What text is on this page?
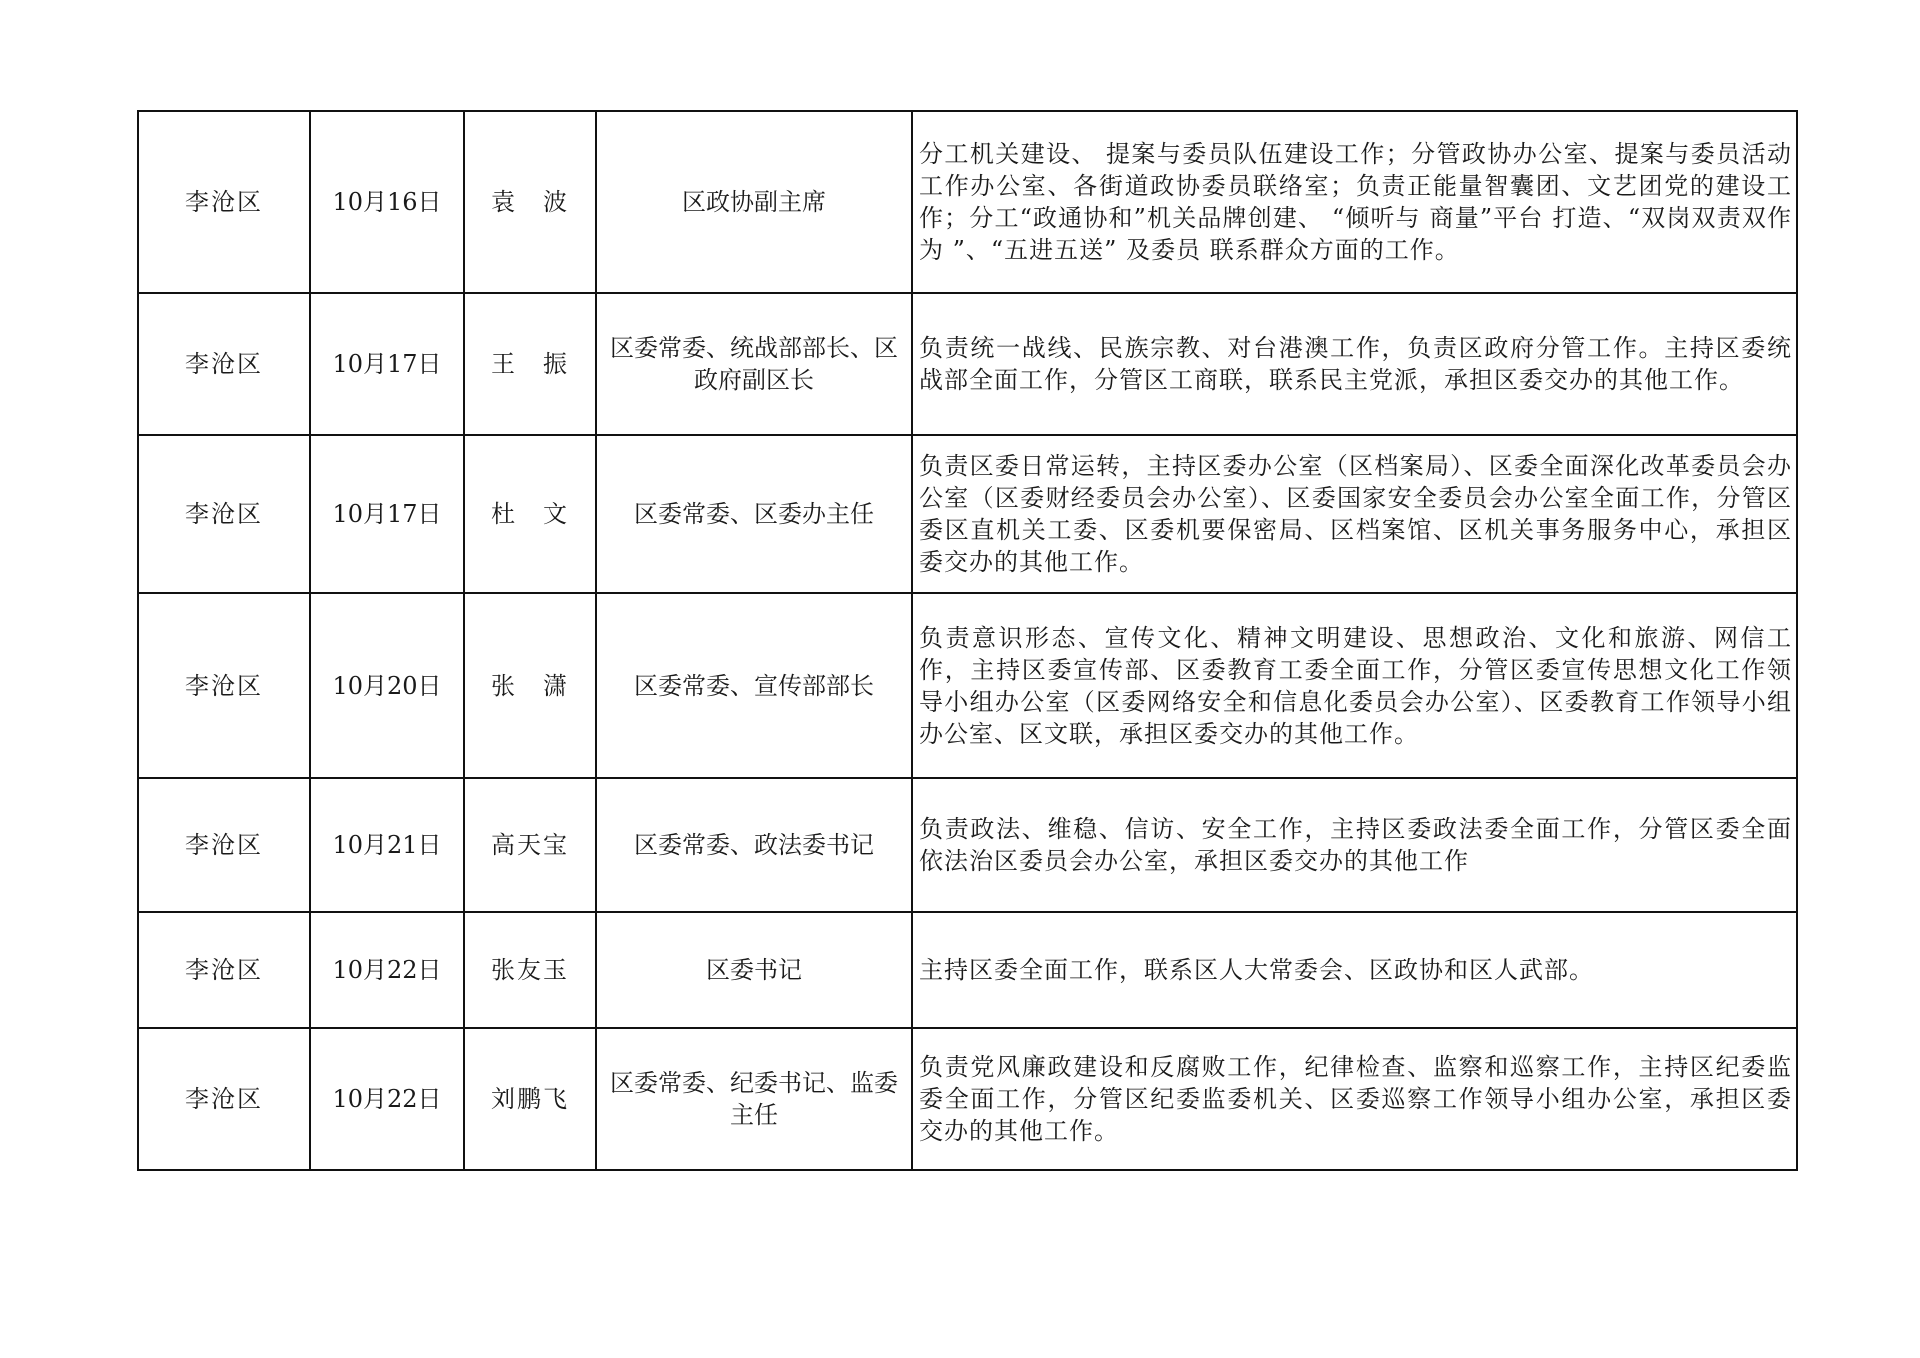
李沧区	10月16日	袁　波	区政协副主席	分工机关建设、 提案与委员队伍建设工作；分管政协办公室、提案与委员活动工作办公室、各街道政协委员联络室；负责正能量智囊团、文艺团党的建设工作；分工“政通协和”机关品牌创建、 “倾听与 商量”平台 打造、“双岗双责双作为 ”、“五进五送” 及委员 联系群众方面的工作。
李沧区	10月17日	王　振	区委常委、统战部部长、区政府副区长	负责统一战线、民族宗教、对台港澳工作，负责区政府分管工作。主持区委统战部全面工作，分管区工商联，联系民主党派，承担区委交办的其他工作。
李沧区	10月17日	杜　文	区委常委、区委办主任	负责区委日常运转，主持区委办公室（区档案局）、区委全面深化改革委员会办公室（区委财经委员会办公室）、区委国家安全委员会办公室全面工作，分管区委区直机关工委、区委机要保密局、区档案馆、区机关事务服务中心，承担区委交办的其他工作。
李沧区	10月20日	张　潇	区委常委、宣传部部长	负责意识形态、宣传文化、精神文明建设、思想政治、文化和旅游、网信工作，主持区委宣传部、区委教育工委全面工作，分管区委宣传思想文化工作领导小组办公室（区委网络安全和信息化委员会办公室）、区委教育工作领导小组办公室、区文联，承担区委交办的其他工作。
李沧区	10月21日	高天宝	区委常委、政法委书记	负责政法、维稳、信访、安全工作，主持区委政法委全面工作，分管区委全面依法治区委员会办公室，承担区委交办的其他工作
李沧区	10月22日	张友玉	区委书记	主持区委全面工作，联系区人大常委会、区政协和区人武部。
李沧区	10月22日	刘鹏飞	区委常委、纪委书记、监委主任	负责党风廉政建设和反腐败工作，纪律检查、监察和巡察工作，主持区纪委监委全面工作，分管区纪委监委机关、区委巡察工作领导小组办公室，承担区委交办的其他工作。
